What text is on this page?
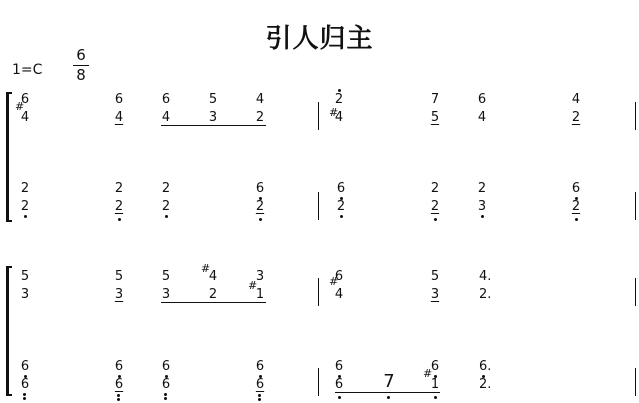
引人归主
1=C
6
8
#
6
4
6
4
6
4
5
3
4
2	#
2
4
7
5
6
4
4
2
2
2
2
2
2
2
6
2
6
2
2
2
2
3
6
2
5
3
5
3
5
3
#
4
2
3
#
1
#
6
4
5
3
4.
2.
6
6
6
6
6
6
6
6
6
6 7	#
6
1
6.
2.
